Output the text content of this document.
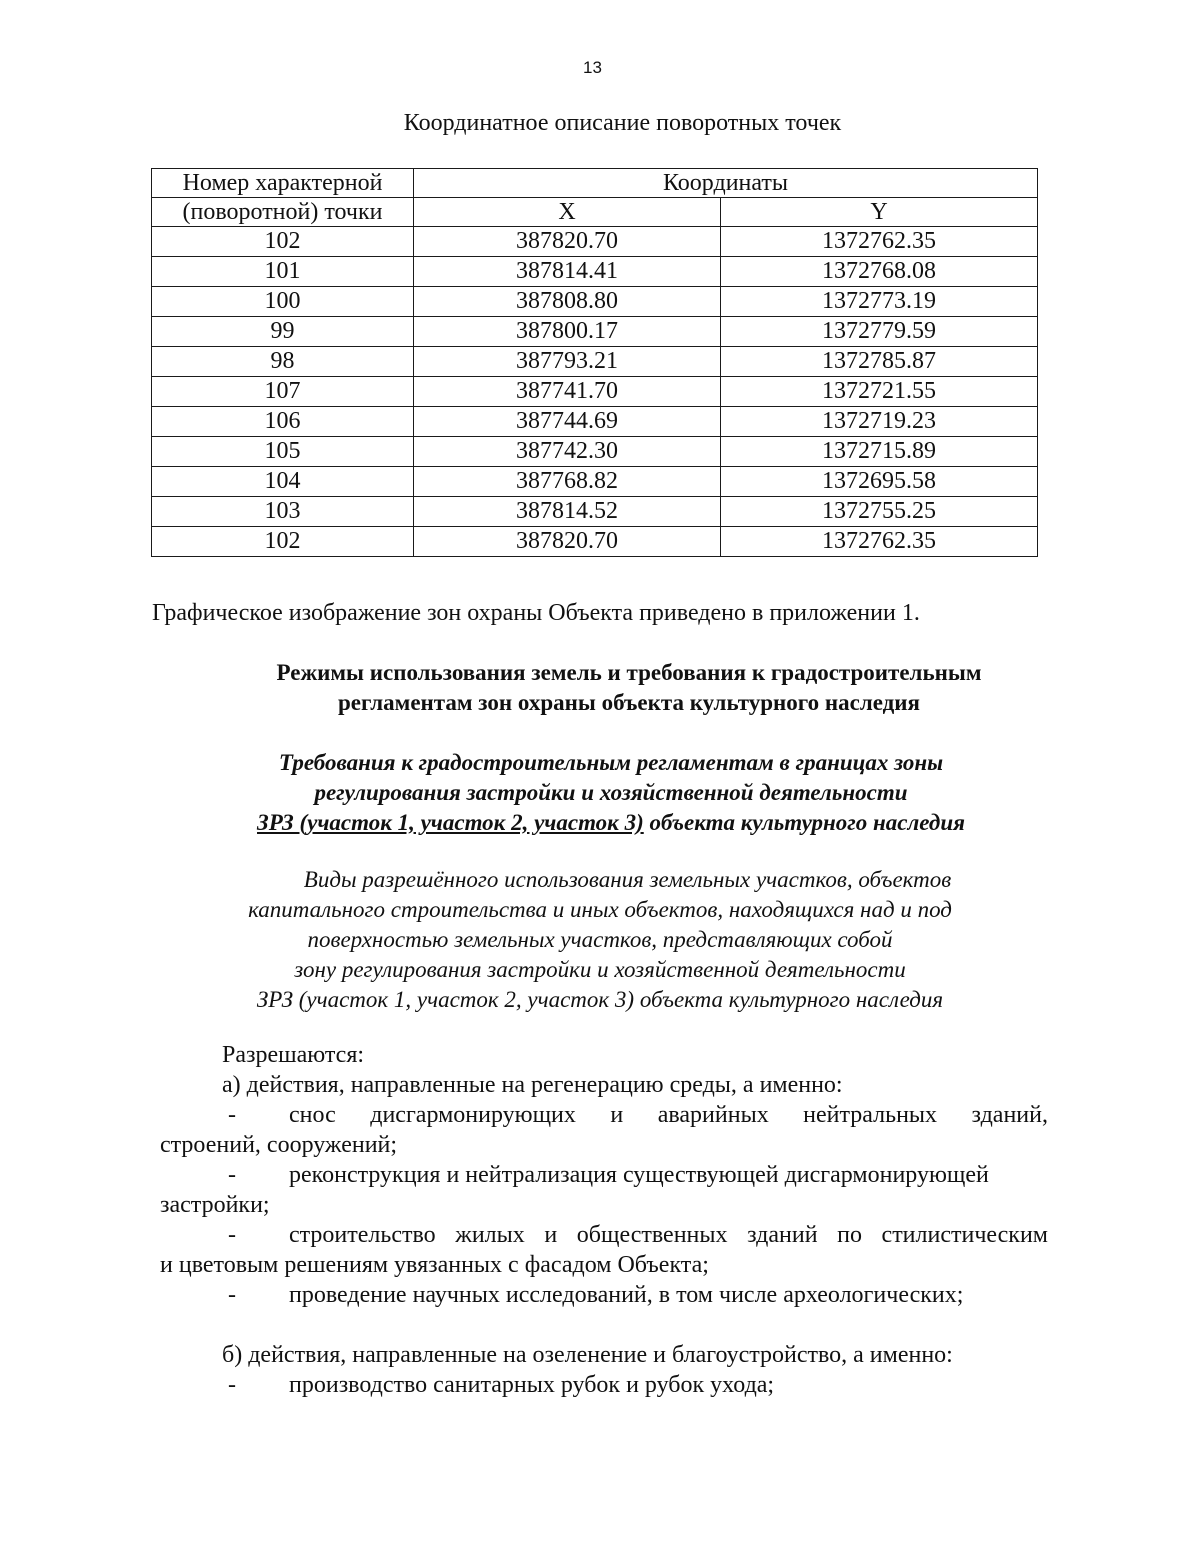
13
Координатное описание поворотных точек
Номер характерной	Координаты	
(поворотной) точки	X	Y
102	387820.70	1372762.35
101	387814.41	1372768.08
100	387808.80	1372773.19
99	387800.17	1372779.59
98	387793.21	1372785.87
107	387741.70	1372721.55
106	387744.69	1372719.23
105	387742.30	1372715.89
104	387768.82	1372695.58
103	387814.52	1372755.25
102	387820.70	1372762.35
Графическое изображение зон охраны Объекта приведено в приложении 1.
Режимы использования земель и требования к градостроительным
регламентам зон охраны объекта культурного наследия
Требования к градостроительным регламентам в границах зоны
регулирования застройки и хозяйственной деятельности
ЗРЗ (участок 1, участок 2, участок 3) объекта культурного наследия
Виды разрешённого использования земельных участков, объектов
капитального строительства и иных объектов, находящихся над и под
поверхностью земельных участков, представляющих собой
зону регулирования застройки и хозяйственной деятельности
ЗРЗ (участок 1, участок 2, участок 3) объекта культурного наследия
Разрешаются:
а) действия, направленные на регенерацию среды, а именно:
- снос дисгармонирующих и аварийных нейтральных зданий,
строений, сооружений;
- реконструкция и нейтрализация существующей дисгармонирующей
застройки;
- строительство жилых и общественных зданий по стилистическим
и цветовым решениям увязанных с фасадом Объекта;
- проведение научных исследований, в том числе археологических;
б) действия, направленные на озеленение и благоустройство, а именно:
- производство санитарных рубок и рубок ухода;
